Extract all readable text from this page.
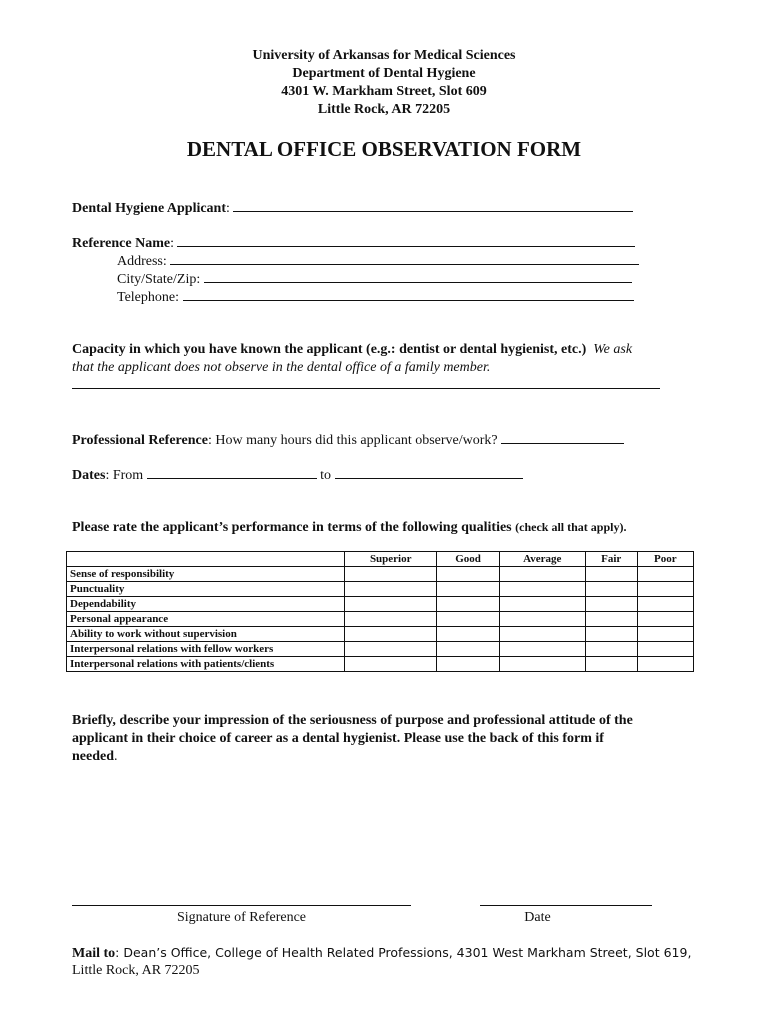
University of Arkansas for Medical Sciences
Department of Dental Hygiene
4301 W. Markham Street, Slot 609
Little Rock, AR 72205
DENTAL OFFICE OBSERVATION FORM
Dental Hygiene Applicant:
Reference Name:
Address:
City/State/Zip:
Telephone:
Capacity in which you have known the applicant (e.g.: dentist or dental hygienist, etc.) We ask
that the applicant does not observe in the dental office of a family member.
Professional Reference: How many hours did this applicant observe/work?
Dates: From	to
Please rate the applicant’s performance in terms of the following qualities (check all that apply).
	Superior	Good	Average	Fair	Poor
Sense of responsibility					
Punctuality					
Dependability					
Personal appearance					
Ability to work without supervision					
Interpersonal relations with fellow workers					
Interpersonal relations with patients/clients					
Briefly, describe your impression of the seriousness of purpose and professional attitude of the
applicant in their choice of career as a dental hygienist. Please use the back of this form if
needed.
Signature of Reference	Date
Mail to: Dean’s Office, College of Health Related Professions, 4301 West Markham Street, Slot 619,
Little Rock, AR 72205
